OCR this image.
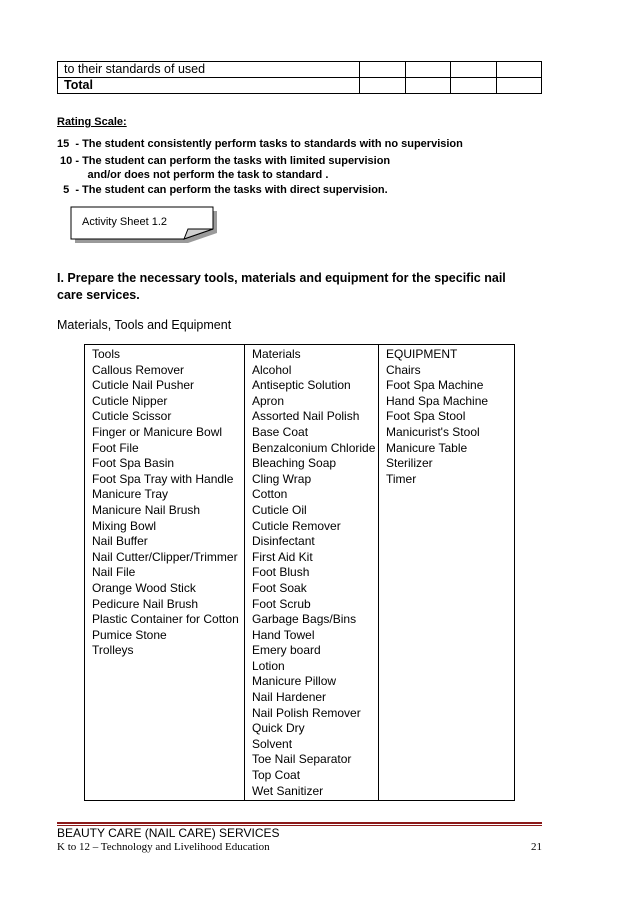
to their standards of used				
Total				
Rating Scale:
15  - The student consistently perform tasks to standards with no supervision
10 - The student can perform the tasks with limited supervision
and/or does not perform the task to standard .
5  - The student can perform the tasks with direct supervision.
Activity Sheet 1.2
I. Prepare the necessary tools, materials and equipment for the specific nail care services.
Materials, Tools and Equipment
Tools
Callous Remover
Cuticle Nail Pusher
Cuticle Nipper
Cuticle Scissor
Finger or Manicure Bowl
Foot File
Foot Spa Basin
Foot Spa Tray with Handle
Manicure Tray
Manicure Nail Brush
Mixing Bowl
Nail Buffer
Nail Cutter/Clipper/Trimmer
Nail File
Orange Wood Stick
Pedicure Nail Brush
Plastic Container for Cotton
Pumice Stone
Trolleys

Materials
Alcohol
Antiseptic Solution
Apron
Assorted Nail Polish
Base Coat
Benzalconium Chloride
Bleaching Soap
Cling Wrap
Cotton
Cuticle Oil
Cuticle Remover
Disinfectant
First Aid Kit
Foot Blush
Foot Soak
Foot Scrub
Garbage Bags/Bins
Hand Towel
Emery board
Lotion
Manicure Pillow
Nail Hardener
Nail Polish Remover
Quick Dry
Solvent
Toe Nail Separator
Top Coat
Wet Sanitizer

EQUIPMENT
Chairs
Foot Spa Machine
Hand Spa Machine
Foot Spa Stool
Manicurist's Stool
Manicure Table
Sterilizer
Timer
BEAUTY CARE (NAIL CARE) SERVICES
K to 12 – Technology and Livelihood Education	21
